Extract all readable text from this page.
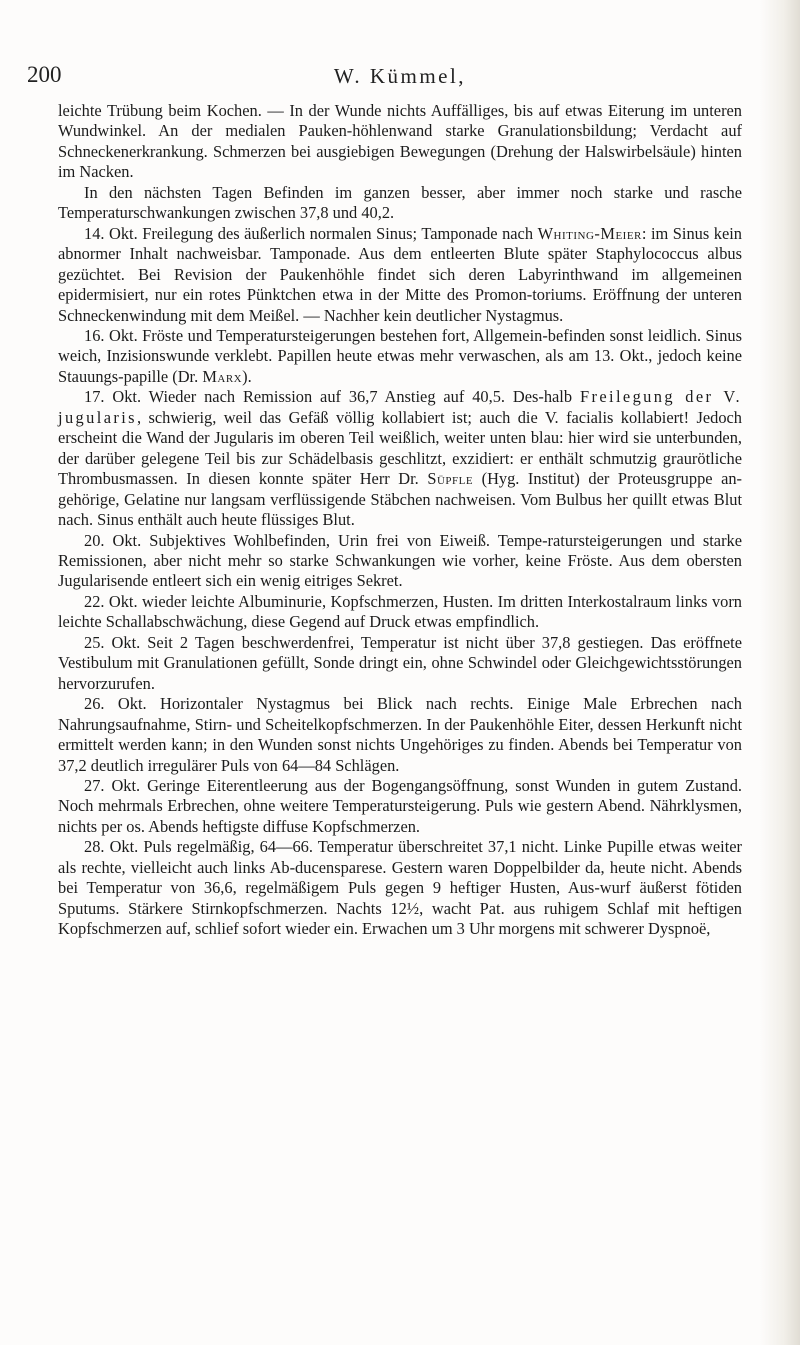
200	W. Kümmel,

leichte Trübung beim Kochen. — In der Wunde nichts Auffälliges, bis auf etwas Eiterung im unteren Wundwinkel. An der medialen Pauken-höhlenwand starke Granulationsbildung; Verdacht auf Schneckenerkrankung. Schmerzen bei ausgiebigen Bewegungen (Drehung der Halswirbelsäule) hinten im Nacken.

In den nächsten Tagen Befinden im ganzen besser, aber immer noch starke und rasche Temperaturschwankungen zwischen 37,8 und 40,2.

14. Okt. Freilegung des äußerlich normalen Sinus; Tamponade nach Whiting-Meier: im Sinus kein abnormer Inhalt nachweisbar. Tamponade. Aus dem entleerten Blute später Staphylococcus albus gezüchtet. Bei Revision der Paukenhöhle findet sich deren Labyrinthwand im allgemeinen epidermisiert, nur ein rotes Pünktchen etwa in der Mitte des Promon-toriums. Eröffnung der unteren Schneckenwindung mit dem Meißel. — Nachher kein deutlicher Nystagmus.

16. Okt. Fröste und Temperatursteigerungen bestehen fort, Allgemein-befinden sonst leidlich. Sinus weich, Inzisionswunde verklebt. Papillen heute etwas mehr verwaschen, als am 13. Okt., jedoch keine Stauungs-papille (Dr. Marx).

17. Okt. Wieder nach Remission auf 36,7 Anstieg auf 40,5. Des-halb Freilegung der V. jugularis, schwierig, weil das Gefäß völlig kollabiert ist; auch die V. facialis kollabiert! Jedoch erscheint die Wand der Jugularis im oberen Teil weißlich, weiter unten blau: hier wird sie unterbunden, der darüber gelegene Teil bis zur Schädelbasis geschlitzt, exzidiert: er enthält schmutzig graurötliche Thrombusmassen. In diesen konnte später Herr Dr. Süpfle (Hyg. Institut) der Proteusgruppe an-gehörige, Gelatine nur langsam verflüssigende Stäbchen nachweisen. Vom Bulbus her quillt etwas Blut nach. Sinus enthält auch heute flüssiges Blut.

20. Okt. Subjektives Wohlbefinden, Urin frei von Eiweiß. Tempe-ratursteigerungen und starke Remissionen, aber nicht mehr so starke Schwankungen wie vorher, keine Fröste. Aus dem obersten Jugularisende entleert sich ein wenig eitriges Sekret.

22. Okt. wieder leichte Albuminurie, Kopfschmerzen, Husten. Im dritten Interkostalraum links vorn leichte Schallabschwächung, diese Gegend auf Druck etwas empfindlich.

25. Okt. Seit 2 Tagen beschwerdenfrei, Temperatur ist nicht über 37,8 gestiegen. Das eröffnete Vestibulum mit Granulationen gefüllt, Sonde dringt ein, ohne Schwindel oder Gleichgewichtsstörungen hervorzurufen.

26. Okt. Horizontaler Nystagmus bei Blick nach rechts. Einige Male Erbrechen nach Nahrungsaufnahme, Stirn- und Scheitelkopfschmerzen. In der Paukenhöhle Eiter, dessen Herkunft nicht ermittelt werden kann; in den Wunden sonst nichts Ungehöriges zu finden. Abends bei Temperatur von 37,2 deutlich irregulärer Puls von 64—84 Schlägen.

27. Okt. Geringe Eiterentleerung aus der Bogengangsöffnung, sonst Wunden in gutem Zustand. Noch mehrmals Erbrechen, ohne weitere Temperatursteigerung. Puls wie gestern Abend. Nährklysmen, nichts per os. Abends heftigste diffuse Kopfschmerzen.

28. Okt. Puls regelmäßig, 64—66. Temperatur überschreitet 37,1 nicht. Linke Pupille etwas weiter als rechte, vielleicht auch links Ab-ducensparese. Gestern waren Doppelbilder da, heute nicht. Abends bei Temperatur von 36,6, regelmäßigem Puls gegen 9 heftiger Husten, Aus-wurf äußerst fötiden Sputums. Stärkere Stirnkopfschmerzen. Nachts 12½, wacht Pat. aus ruhigem Schlaf mit heftigen Kopfschmerzen auf, schlief sofort wieder ein. Erwachen um 3 Uhr morgens mit schwerer Dyspnoë,
